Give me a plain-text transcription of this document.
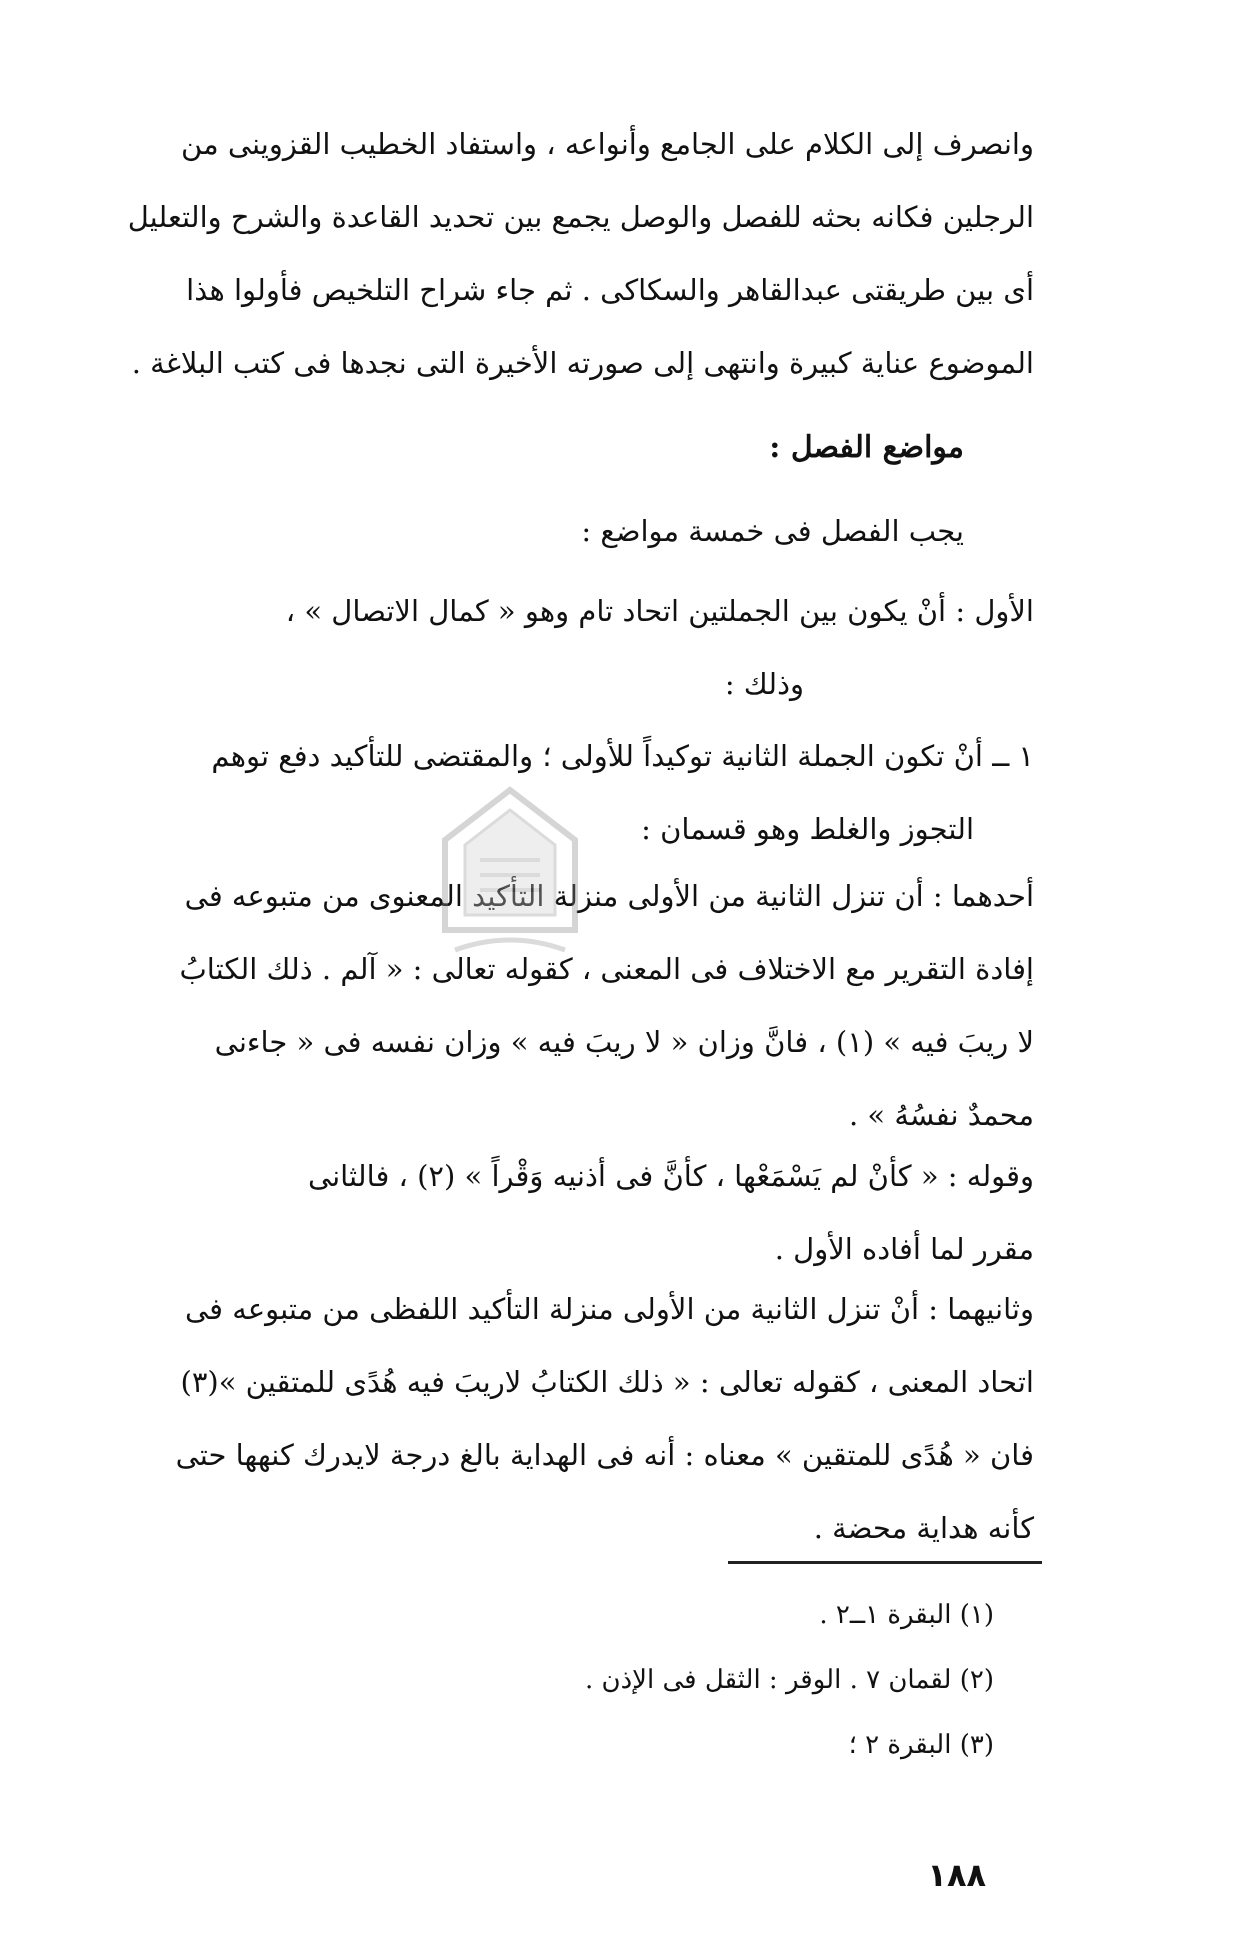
وانصرف إلى الكلام على الجامع وأنواعه ، واستفاد الخطيب القزوينى من
الرجلين فكانه بحثه للفصل والوصل يجمع بين تحديد القاعدة والشرح والتعليل
أى بين طريقتى عبدالقاهر والسكاكى . ثم جاء شراح التلخيص فأولوا هذا
الموضوع عناية كبيرة وانتهى إلى صورته الأخيرة التى نجدها فى كتب البلاغة .
مواضع الفصل :
يجب الفصل فى خمسة مواضع :
الأول : أنْ يكون بين الجملتين اتحاد تام وهو « كمال الاتصال » ،
وذلك :
١ ــ أنْ تكون الجملة الثانية توكيداً للأولى ؛ والمقتضى للتأكيد دفع توهم
التجوز والغلط وهو قسمان :
أحدهما : أن تنزل الثانية من الأولى منزلة التأكيد المعنوى من متبوعه فى
إفادة التقرير مع الاختلاف فى المعنى ، كقوله تعالى : « آلم . ذلك الكتابُ
لا ريبَ فيه » (١) ، فانَّ وزان « لا ريبَ فيه » وزان نفسه فى « جاءنى
محمدٌ نفسُهُ » .
وقوله : « كأنْ لم يَسْمَعْها ، كأنَّ فى أذنيه وَقْراً » (٢) ، فالثانى
مقرر لما أفاده الأول .
وثانيهما : أنْ تنزل الثانية من الأولى منزلة التأكيد اللفظى من متبوعه فى
اتحاد المعنى ، كقوله تعالى : « ذلك الكتابُ لاريبَ فيه هُدًى للمتقين »(٣)
فان « هُدًى للمتقين » معناه : أنه فى الهداية بالغ درجة لايدرك كنهها حتى
كأنه هداية محضة .
(١) البقرة ١ــ٢ .
(٢) لقمان ٧ . الوقر : الثقل فى الإذن .
(٣) البقرة ٢ ؛
١٨٨
